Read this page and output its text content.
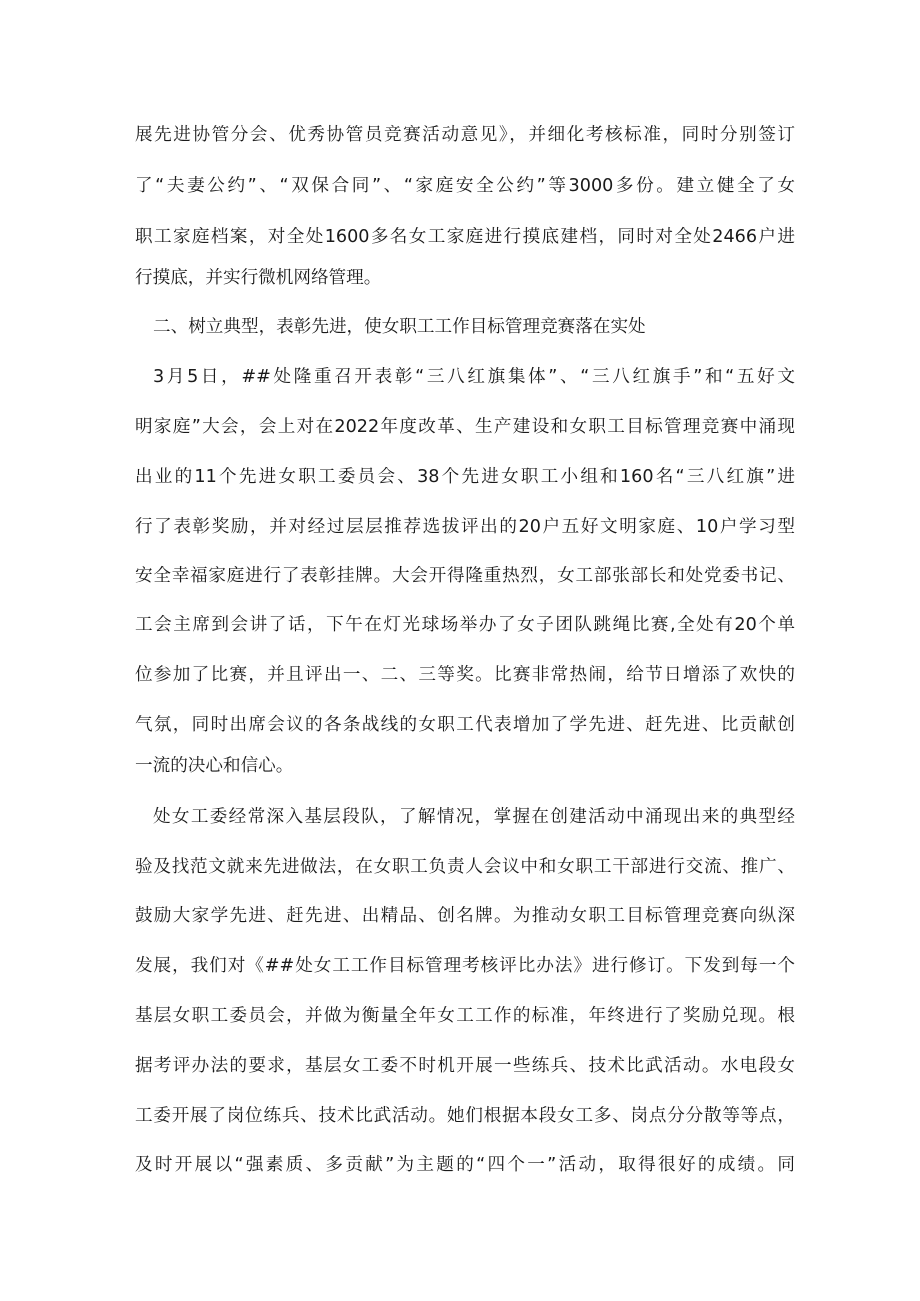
展先进协管分会、优秀协管员竞赛活动意见》，并细化考核标准，同时分别签订

了“夫妻公约”、“双保合同”、“家庭安全公约”等3000多份。建立健全了女

职工家庭档案，对全处1600多名女工家庭进行摸底建档，同时对全处2466户进

行摸底，并实行微机网络管理。

二、树立典型，表彰先进，使女职工工作目标管理竞赛落在实处

3月5日，##处隆重召开表彰“三八红旗集体”、“三八红旗手”和“五好文

明家庭”大会，会上对在2022年度改革、生产建设和女职工目标管理竞赛中涌现

出业的11个先进女职工委员会、38个先进女职工小组和160名“三八红旗”进

行了表彰奖励，并对经过层层推荐选拔评出的20户五好文明家庭、10户学习型

安全幸福家庭进行了表彰挂牌。大会开得隆重热烈，女工部张部长和处党委书记、

工会主席到会讲了话，下午在灯光球场举办了女子团队跳绳比赛,全处有20个单

位参加了比赛，并且评出一、二、三等奖。比赛非常热闹，给节日增添了欢快的

气氛，同时出席会议的各条战线的女职工代表增加了学先进、赶先进、比贡献创

一流的决心和信心。

处女工委经常深入基层段队，了解情况，掌握在创建活动中涌现出来的典型经

验及找范文就来先进做法，在女职工负责人会议中和女职工干部进行交流、推广、

鼓励大家学先进、赶先进、出精品、创名牌。为推动女职工目标管理竞赛向纵深

发展，我们对《##处女工工作目标管理考核评比办法》进行修订。下发到每一个

基层女职工委员会，并做为衡量全年女工工作的标准，年终进行了奖励兑现。根

据考评办法的要求，基层女工委不时机开展一些练兵、技术比武活动。水电段女

工委开展了岗位练兵、技术比武活动。她们根据本段女工多、岗点分分散等等点，

及时开展以“强素质、多贡献”为主题的“四个一”活动，取得很好的成绩。同
